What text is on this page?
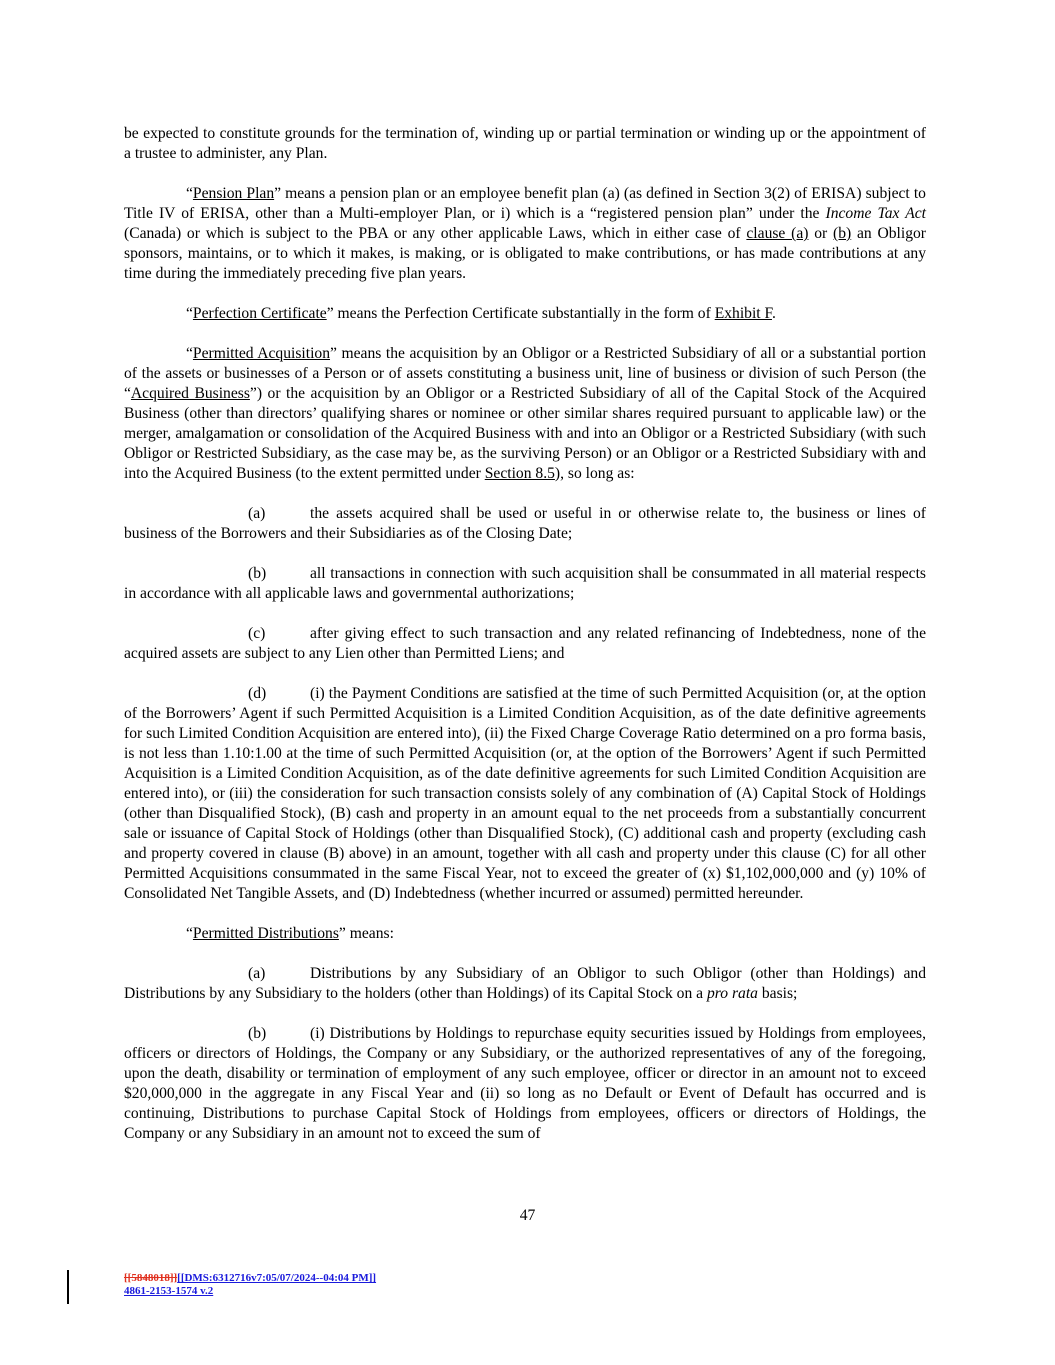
be expected to constitute grounds for the termination of, winding up or partial termination or winding up or the appointment of a trustee to administer, any Plan.

“Pension Plan” means a pension plan or an employee benefit plan (a) (as defined in Section 3(2) of ERISA) subject to Title IV of ERISA, other than a Multi-employer Plan, or i) which is a “registered pension plan” under the Income Tax Act (Canada) or which is subject to the PBA or any other applicable Laws, which in either case of clause (a) or (b) an Obligor sponsors, maintains, or to which it makes, is making, or is obligated to make contributions, or has made contributions at any time during the immediately preceding five plan years.

“Perfection Certificate” means the Perfection Certificate substantially in the form of Exhibit F.

“Permitted Acquisition” means the acquisition by an Obligor or a Restricted Subsidiary of all or a substantial portion of the assets or businesses of a Person or of assets constituting a business unit, line of business or division of such Person (the “Acquired Business”) or the acquisition by an Obligor or a Restricted Subsidiary of all of the Capital Stock of the Acquired Business (other than directors’ qualifying shares or nominee or other similar shares required pursuant to applicable law) or the merger, amalgamation or consolidation of the Acquired Business with and into an Obligor or a Restricted Subsidiary (with such Obligor or Restricted Subsidiary, as the case may be, as the surviving Person) or an Obligor or a Restricted Subsidiary with and into the Acquired Business (to the extent permitted under Section 8.5), so long as:

(a)	the assets acquired shall be used or useful in or otherwise relate to, the business or lines of business of the Borrowers and their Subsidiaries as of the Closing Date;

(b)	all transactions in connection with such acquisition shall be consummated in all material respects in accordance with all applicable laws and governmental authorizations;

(c)	after giving effect to such transaction and any related refinancing of Indebtedness, none of the acquired assets are subject to any Lien other than Permitted Liens; and

(d)	(i) the Payment Conditions are satisfied at the time of such Permitted Acquisition (or, at the option of the Borrowers’ Agent if such Permitted Acquisition is a Limited Condition Acquisition, as of the date definitive agreements for such Limited Condition Acquisition are entered into), (ii) the Fixed Charge Coverage Ratio determined on a pro forma basis, is not less than 1.10:1.00 at the time of such Permitted Acquisition (or, at the option of the Borrowers’ Agent if such Permitted Acquisition is a Limited Condition Acquisition, as of the date definitive agreements for such Limited Condition Acquisition are entered into), or (iii) the consideration for such transaction consists solely of any combination of (A) Capital Stock of Holdings (other than Disqualified Stock), (B) cash and property in an amount equal to the net proceeds from a substantially concurrent sale or issuance of Capital Stock of Holdings (other than Disqualified Stock), (C) additional cash and property (excluding cash and property covered in clause (B) above) in an amount, together with all cash and property under this clause (C) for all other Permitted Acquisitions consummated in the same Fiscal Year, not to exceed the greater of (x) $1,102,000,000 and (y) 10% of Consolidated Net Tangible Assets, and (D) Indebtedness (whether incurred or assumed) permitted hereunder.

“Permitted Distributions” means:

(a)	Distributions by any Subsidiary of an Obligor to such Obligor (other than Holdings) and Distributions by any Subsidiary to the holders (other than Holdings) of its Capital Stock on a pro rata basis;

(b)	(i) Distributions by Holdings to repurchase equity securities issued by Holdings from employees, officers or directors of Holdings, the Company or any Subsidiary, or the authorized representatives of any of the foregoing, upon the death, disability or termination of employment of any such employee, officer or director in an amount not to exceed $20,000,000 in the aggregate in any Fiscal Year and (ii) so long as no Default or Event of Default has occurred and is continuing, Distributions to purchase Capital Stock of Holdings from employees, officers or directors of Holdings, the Company or any Subsidiary in an amount not to exceed the sum of

47
[[5848018]][[DMS:6312716v7:05/07/2024--04:04 PM]]
4861-2153-1574 v.2
